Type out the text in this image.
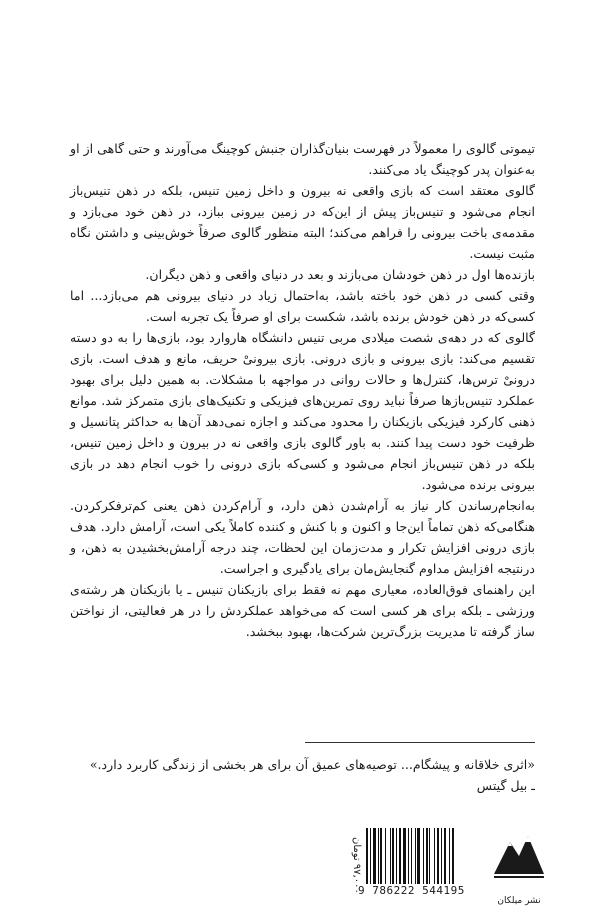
تیموتی گالوی را معمولاً در فهرست بنیان‌گذاران جنبش کوچینگ می‌آورند و حتی گاهی از او به‌عنوان پدر کوچینگ یاد می‌کنند.

گالوی معتقد است که بازی واقعی نه بیرون و داخل زمین تنیس، بلکه در ذهن تنیس‌باز انجام می‌شود و تنیس‌باز پیش از این‌که در زمین بیرونی ببازد، در ذهن خود می‌بازد و مقدمه‌ی باخت بیرونی را فراهم می‌کند؛ البته منظور گالوی صرفاً خوش‌بینی و داشتن نگاه مثبت نیست.

بازنده‌ها اول در ذهن خودشان می‌بازند و بعد در دنیای واقعی و ذهن دیگران.

وقتی کسی در ذهن خود باخته باشد، به‌احتمال زیاد در دنیای بیرونی هم می‌بازد... اما کسی‌که در ذهن خودش برنده باشد، شکست برای او صرفاً یک تجربه است.

گالوی که در دهه‌ی شصت میلادی مربی تنیس دانشگاه هاروارد بود، بازی‌ها را به دو دسته تقسیم می‌کند: بازی بیرونی و بازی درونی. بازی بیرونیْ حریف، مانع و هدف است. بازی درونیْ ترس‌ها، کنترل‌ها و حالات روانی در مواجهه با مشکلات. به همین دلیل برای بهبود عملکرد تنیس‌بازها صرفاً نباید روی تمرین‌های فیزیکی و تکنیک‌های بازی متمرکز شد. موانع ذهنی کارکرد فیزیکی بازیکنان را محدود می‌کند و اجازه نمی‌دهد آن‌ها به حداکثر پتانسیل و ظرفیت خود دست پیدا کنند. به باور گالوی بازی واقعی نه در بیرون و داخل زمین تنیس، بلکه در ذهن تنیس‌باز انجام می‌شود و کسی‌که بازی درونی را خوب انجام دهد در بازی بیرونی برنده می‌شود.

به‌انجام‌رساندن کار نیاز به آرام‌شدن ذهن دارد، و آرام‌کردن ذهن یعنی کم‌ترفکرکردن. هنگامی‌که ذهن تماماً این‌جا و اکنون و با کنش و کننده کاملاً یکی است، آرامش دارد. هدف بازی درونی افزایش تکرار و مدت‌زمان این لحظات، چند درجه آرامش‌بخشیدن به ذهن، و درنتیجه افزایش مداوم گنجایش‌مان برای یادگیری و اجراست.

این راهنمای فوق‌العاده، معیاری مهم نه فقط برای بازیکنان تنیس ـ یا بازیکنان هر رشته‌ی ورزشی ـ بلکه برای هر کسی است که می‌خواهد عملکردش را در هر فعالیتی، از نواختن ساز گرفته تا مدیریت بزرگ‌ترین شرکت‌ها، بهبود ببخشد.

«اثری خلاقانه و پیشگام... توصیه‌های عمیق آن برای هر بخشی از زندگی کاربرد دارد.»

ـ بیل گیتس

۹۷,۰۰۰ تومان
9 786222 544195
نشر میلکان
